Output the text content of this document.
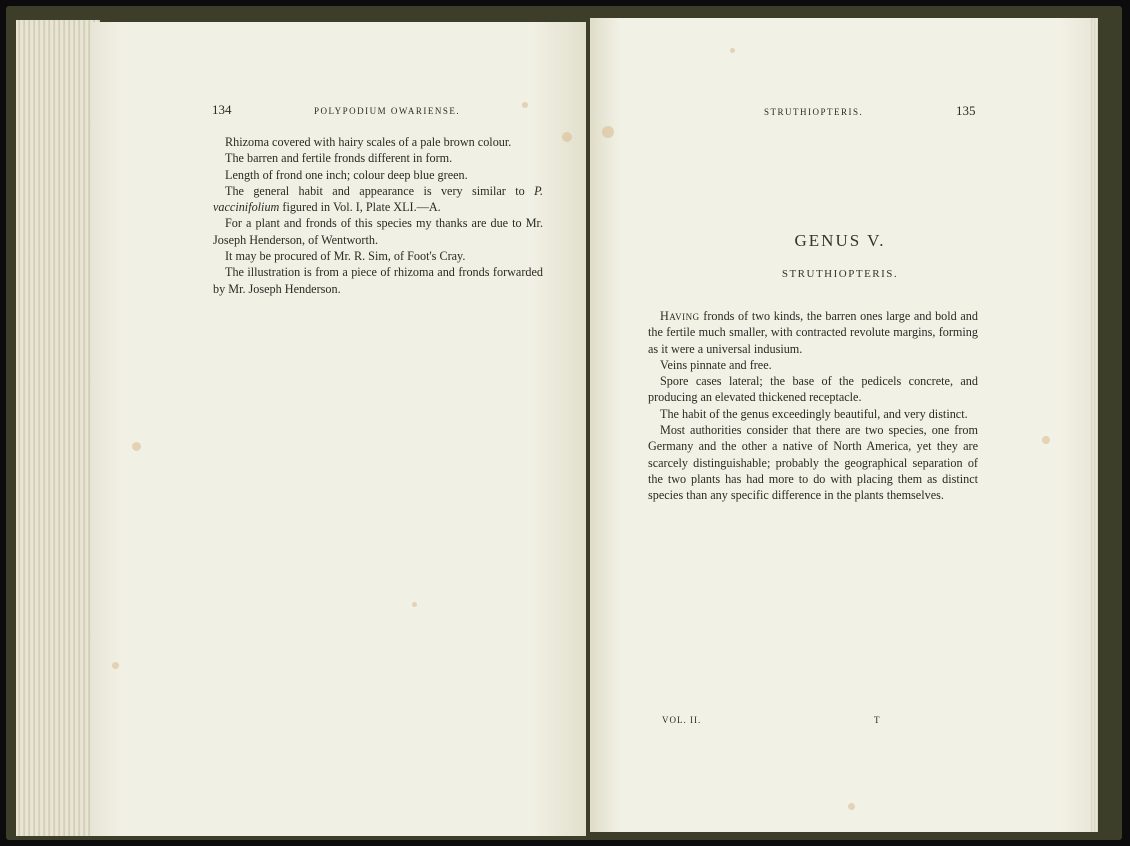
134	POLYPODIUM OWARIENSE.

Rhizoma covered with hairy scales of a pale brown colour.

The barren and fertile fronds different in form.

Length of frond one inch; colour deep blue green.

The general habit and appearance is very similar to P. vaccinifolium figured in Vol. I, Plate XLI.—A.

For a plant and fronds of this species my thanks are due to Mr. Joseph Henderson, of Wentworth.

It may be procured of Mr. R. Sim, of Foot's Cray.

The illustration is from a piece of rhizoma and fronds forwarded by Mr. Joseph Henderson.

STRUTHIOPTERIS.	135
GENUS V.
STRUTHIOPTERIS.

Having fronds of two kinds, the barren ones large and bold and the fertile much smaller, with contracted revolute margins, forming as it were a universal indusium.

Veins pinnate and free.

Spore cases lateral; the base of the pedicels concrete, and producing an elevated thickened receptacle.

The habit of the genus exceedingly beautiful, and very distinct.

Most authorities consider that there are two species, one from Germany and the other a native of North America, yet they are scarcely distinguishable; probably the geographical separation of the two plants has had more to do with placing them as distinct species than any specific difference in the plants themselves.

VOL. II.	T
